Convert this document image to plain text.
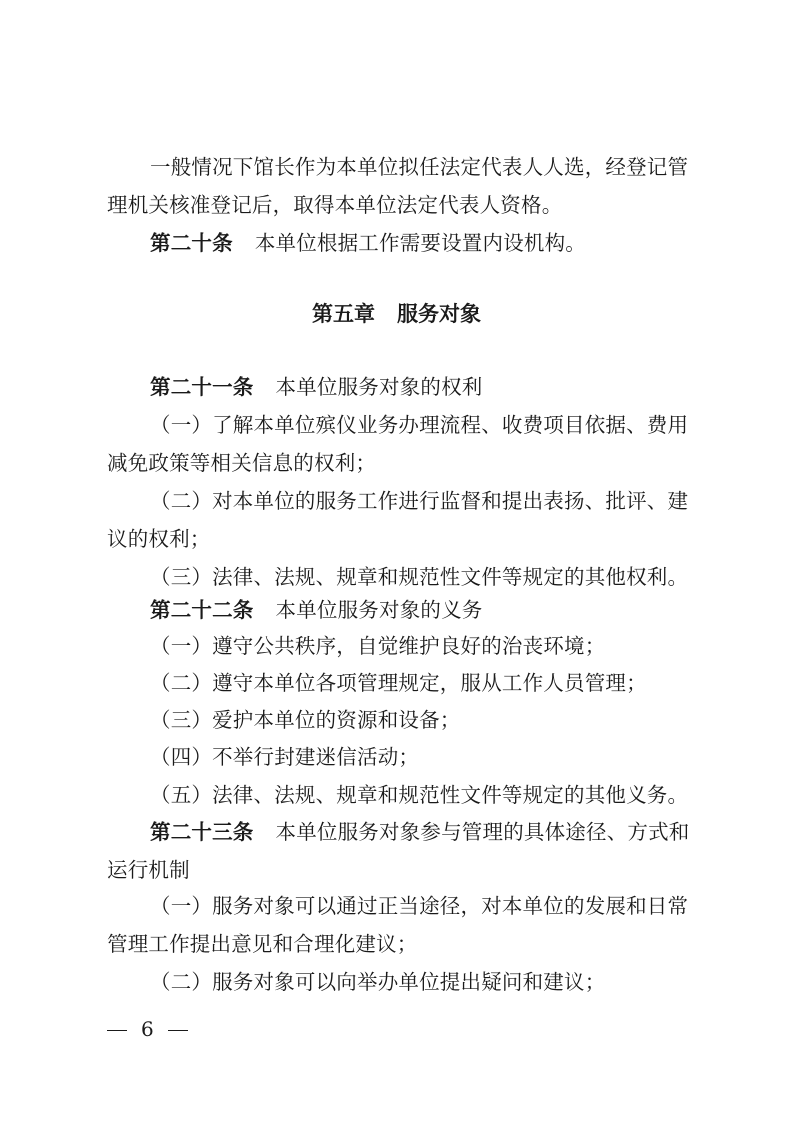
一般情况下馆长作为本单位拟任法定代表人人选，经登记管
理机关核准登记后，取得本单位法定代表人资格。
第二十条 本单位根据工作需要设置内设机构。
第五章 服务对象
第二十一条 本单位服务对象的权利
（一）了解本单位殡仪业务办理流程、收费项目依据、费用
减免政策等相关信息的权利；
（二）对本单位的服务工作进行监督和提出表扬、批评、建
议的权利；
（三）法律、法规、规章和规范性文件等规定的其他权利。
第二十二条 本单位服务对象的义务
（一）遵守公共秩序，自觉维护良好的治丧环境；
（二）遵守本单位各项管理规定，服从工作人员管理；
（三）爱护本单位的资源和设备；
（四）不举行封建迷信活动；
（五）法律、法规、规章和规范性文件等规定的其他义务。
第二十三条 本单位服务对象参与管理的具体途径、方式和
运行机制
（一）服务对象可以通过正当途径，对本单位的发展和日常
管理工作提出意见和合理化建议；
（二）服务对象可以向举办单位提出疑问和建议；
6
